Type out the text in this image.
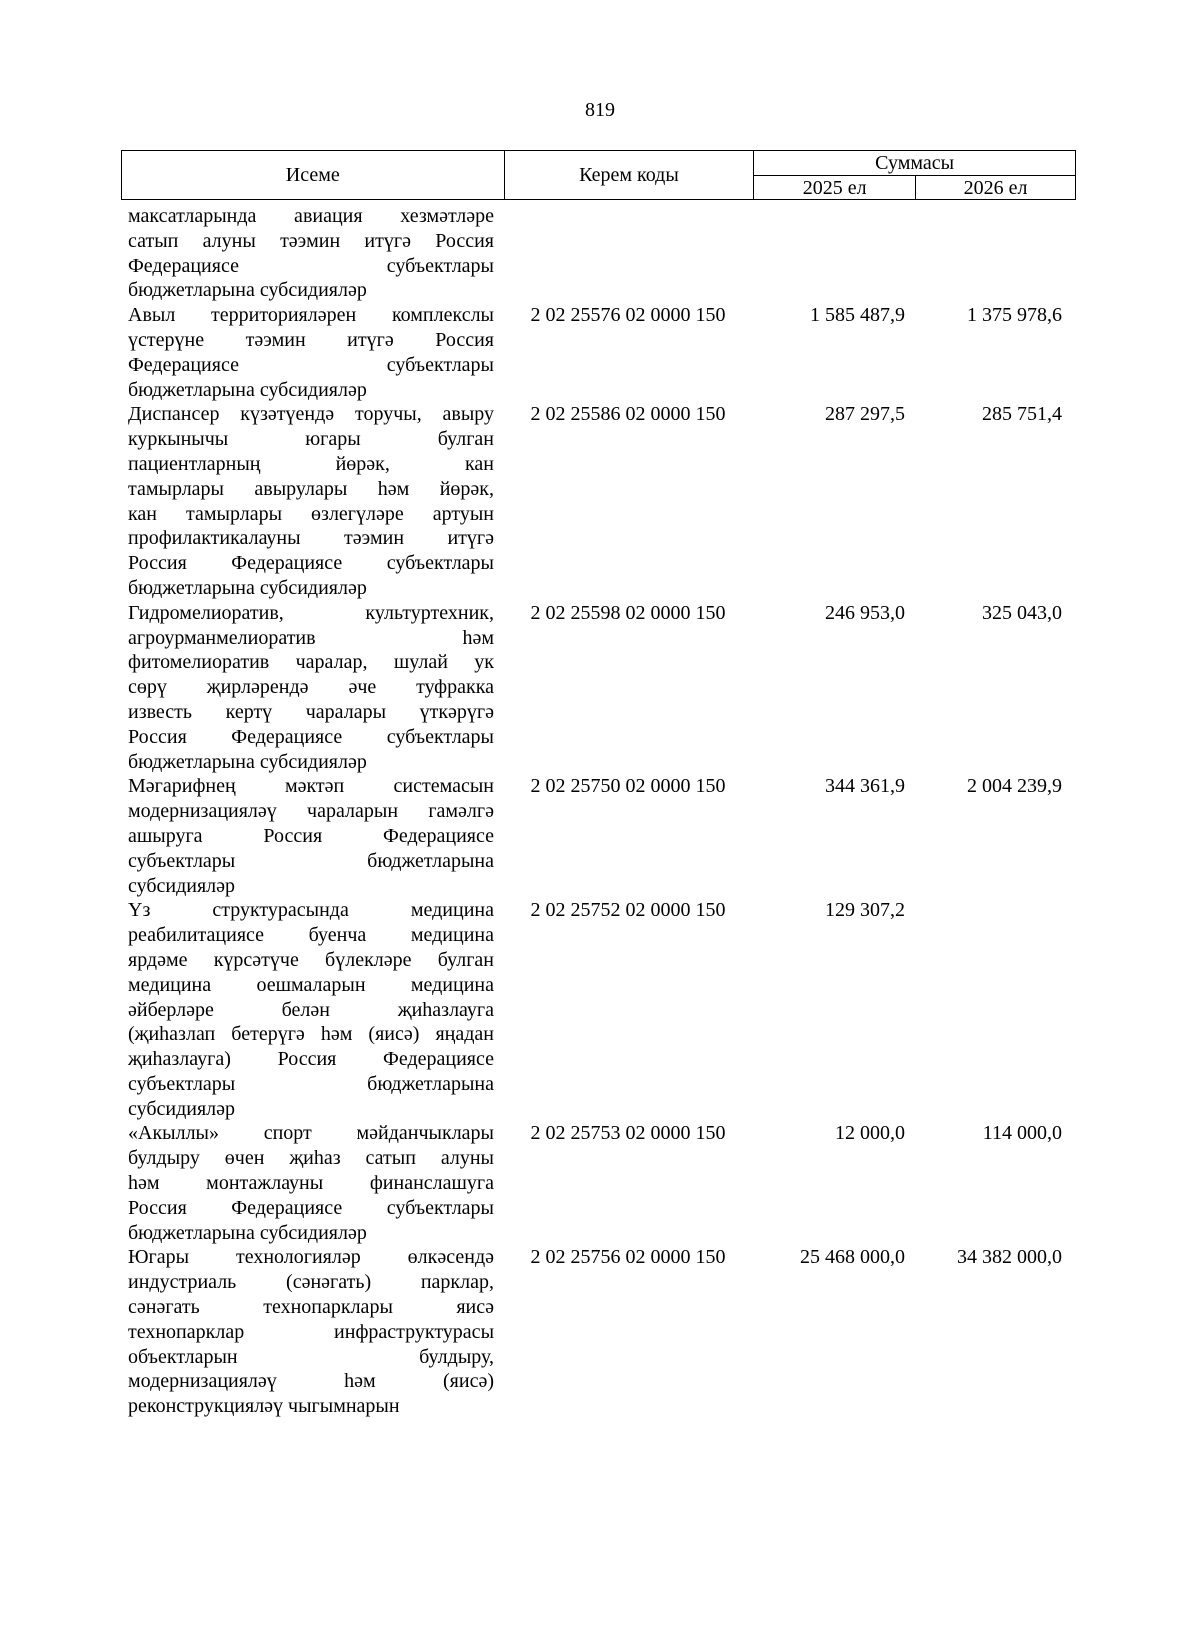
819
Исеме	Керем коды	Суммасы	
		2025 ел	2026 ел
максатларында авиация хезмәтләре
сатып алуны тәэмин итүгә Россия
Федерациясе субъектлары
бюджетларына субсидияләр
Авыл территорияләрен комплекслы
үстерүне тәэмин итүгә Россия
Федерациясе субъектлары
бюджетларына субсидияләр
2 02 25576 02 0000 150	1 585 487,9	1 375 978,6
Диспансер күзәтүендә торучы, авыру
куркынычы югары булган
пациентларның йөрәк, кан
тамырлары авырулары һәм йөрәк,
кан тамырлары өзлегүләре артуын
профилактикалауны тәэмин итүгә
Россия Федерациясе субъектлары
бюджетларына субсидияләр
2 02 25586 02 0000 150	287 297,5	285 751,4
Гидромелиоратив, культуртехник,
агроурманмелиоратив һәм
фитомелиоратив чаралар, шулай ук
сөрү җирләрендә әче туфракка
известь кертү чаралары үткәрүгә
Россия Федерациясе субъектлары
бюджетларына субсидияләр
2 02 25598 02 0000 150	246 953,0	325 043,0
Мәгарифнең мәктәп системасын
модернизацияләү чараларын гамәлгә
ашыруга Россия Федерациясе
субъектлары бюджетларына
субсидияләр
2 02 25750 02 0000 150	344 361,9	2 004 239,9
Үз структурасында медицина
реабилитациясе буенча медицина
ярдәме күрсәтүче бүлекләре булган
медицина оешмаларын медицина
әйберләре белән җиһазлауга
(җиһазлап бетерүгә һәм (яисә) яңадан
җиһазлауга) Россия Федерациясе
субъектлары бюджетларына
субсидияләр
2 02 25752 02 0000 150	129 307,2
«Акыллы» спорт мәйданчыклары
булдыру өчен җиһаз сатып алуны
һәм монтажлауны финанслашуга
Россия Федерациясе субъектлары
бюджетларына субсидияләр
2 02 25753 02 0000 150	12 000,0	114 000,0
Югары технологияләр өлкәсендә
индустриаль (сәнәгать) парклар,
сәнәгать технопарклары яисә
технопарклар инфраструктурасы
объектларын булдыру,
модернизацияләү һәм (яисә)
реконструкцияләү чыгымнарын
2 02 25756 02 0000 150	25 468 000,0	34 382 000,0
